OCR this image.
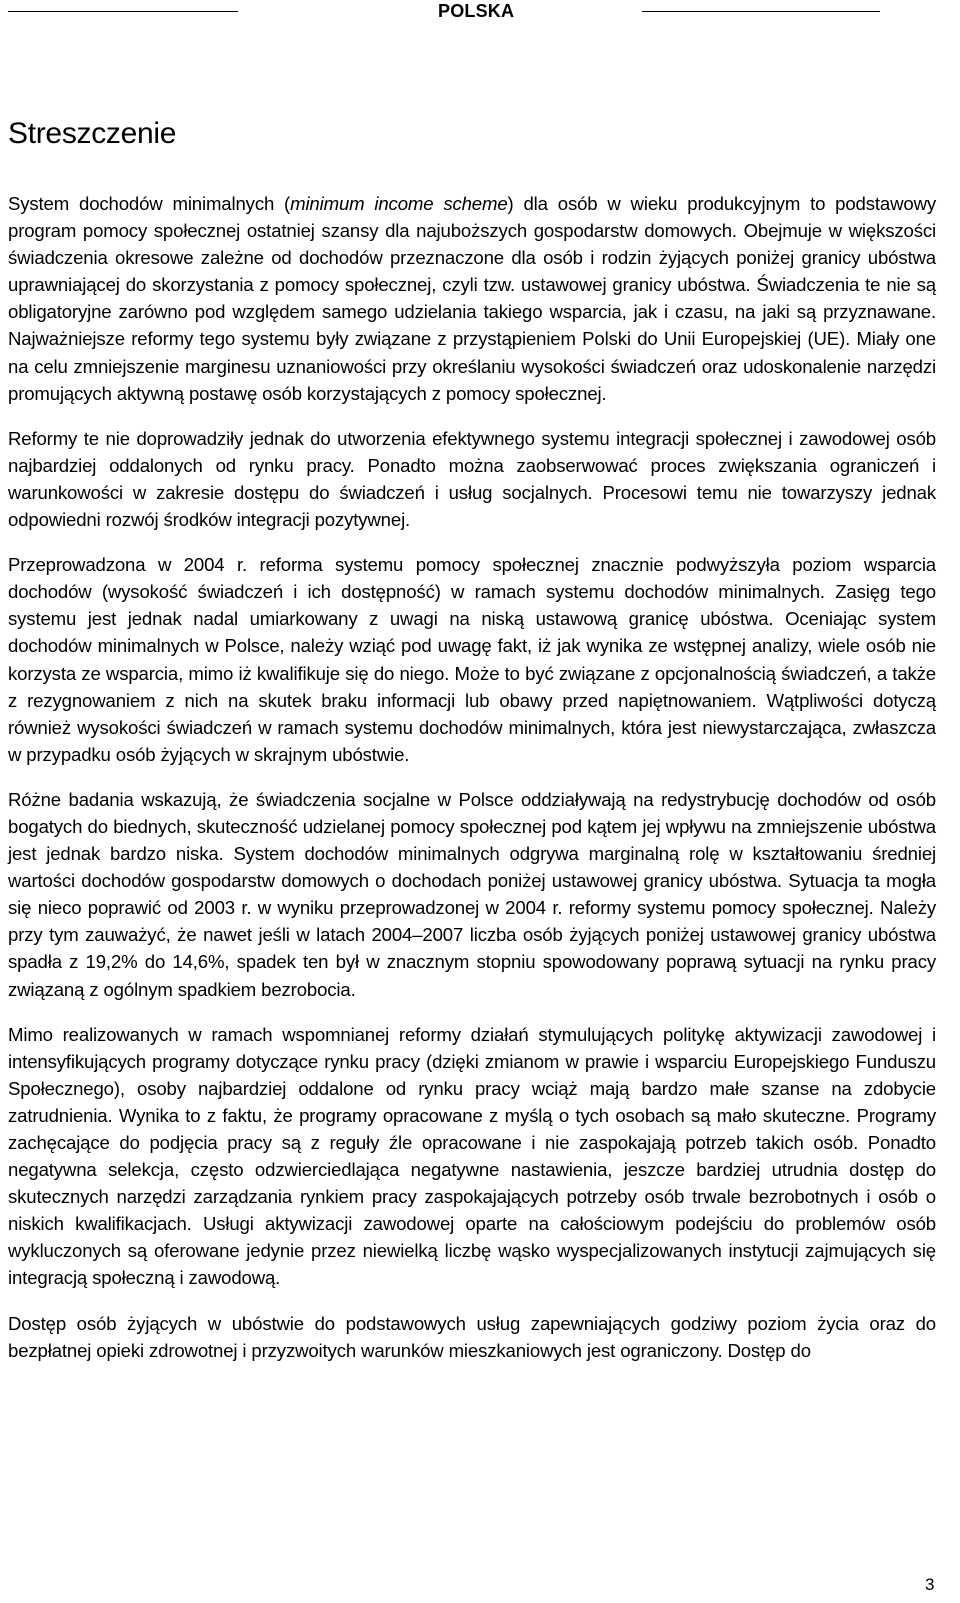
POLSKA
Streszczenie

System dochodów minimalnych (minimum income scheme) dla osób w wieku produkcyjnym to podstawowy program pomocy społecznej ostatniej szansy dla najuboższych gospodarstw domowych. Obejmuje w większości świadczenia okresowe zależne od dochodów przeznaczone dla osób i rodzin żyjących poniżej granicy ubóstwa uprawniającej do skorzystania z pomocy społecznej, czyli tzw. ustawowej granicy ubóstwa. Świadczenia te nie są obligatoryjne zarówno pod względem samego udzielania takiego wsparcia, jak i czasu, na jaki są przyznawane. Najważniejsze reformy tego systemu były związane z przystąpieniem Polski do Unii Europejskiej (UE). Miały one na celu zmniejszenie marginesu uznaniowości przy określaniu wysokości świadczeń oraz udoskonalenie narzędzi promujących aktywną postawę osób korzystających z pomocy społecznej.

Reformy te nie doprowadziły jednak do utworzenia efektywnego systemu integracji społecznej i zawodowej osób najbardziej oddalonych od rynku pracy. Ponadto można zaobserwować proces zwiększania ograniczeń i warunkowości w zakresie dostępu do świadczeń i usług socjalnych. Procesowi temu nie towarzyszy jednak odpowiedni rozwój środków integracji pozytywnej.

Przeprowadzona w 2004 r. reforma systemu pomocy społecznej znacznie podwyższyła poziom wsparcia dochodów (wysokość świadczeń i ich dostępność) w ramach systemu dochodów minimalnych. Zasięg tego systemu jest jednak nadal umiarkowany z uwagi na niską ustawową granicę ubóstwa. Oceniając system dochodów minimalnych w Polsce, należy wziąć pod uwagę fakt, iż jak wynika ze wstępnej analizy, wiele osób nie korzysta ze wsparcia, mimo iż kwalifikuje się do niego. Może to być związane z opcjonalnością świadczeń, a także z rezygnowaniem z nich na skutek braku informacji lub obawy przed napiętnowaniem. Wątpliwości dotyczą również wysokości świadczeń w ramach systemu dochodów minimalnych, która jest niewystarczająca, zwłaszcza w przypadku osób żyjących w skrajnym ubóstwie.

Różne badania wskazują, że świadczenia socjalne w Polsce oddziaływają na redystrybucję dochodów od osób bogatych do biednych, skuteczność udzielanej pomocy społecznej pod kątem jej wpływu na zmniejszenie ubóstwa jest jednak bardzo niska. System dochodów minimalnych odgrywa marginalną rolę w kształtowaniu średniej wartości dochodów gospodarstw domowych o dochodach poniżej ustawowej granicy ubóstwa. Sytuacja ta mogła się nieco poprawić od 2003 r. w wyniku przeprowadzonej w 2004 r. reformy systemu pomocy społecznej. Należy przy tym zauważyć, że nawet jeśli w latach 2004–2007 liczba osób żyjących poniżej ustawowej granicy ubóstwa spadła z 19,2% do 14,6%, spadek ten był w znacznym stopniu spowodowany poprawą sytuacji na rynku pracy związaną z ogólnym spadkiem bezrobocia.

Mimo realizowanych w ramach wspomnianej reformy działań stymulujących politykę aktywizacji zawodowej i intensyfikujących programy dotyczące rynku pracy (dzięki zmianom w prawie i wsparciu Europejskiego Funduszu Społecznego), osoby najbardziej oddalone od rynku pracy wciąż mają bardzo małe szanse na zdobycie zatrudnienia. Wynika to z faktu, że programy opracowane z myślą o tych osobach są mało skuteczne. Programy zachęcające do podjęcia pracy są z reguły źle opracowane i nie zaspokajają potrzeb takich osób. Ponadto negatywna selekcja, często odzwierciedlająca negatywne nastawienia, jeszcze bardziej utrudnia dostęp do skutecznych narzędzi zarządzania rynkiem pracy zaspokajających potrzeby osób trwale bezrobotnych i osób o niskich kwalifikacjach. Usługi aktywizacji zawodowej oparte na całościowym podejściu do problemów osób wykluczonych są oferowane jedynie przez niewielką liczbę wąsko wyspecjalizowanych instytucji zajmujących się integracją społeczną i zawodową.

Dostęp osób żyjących w ubóstwie do podstawowych usług zapewniających godziwy poziom życia oraz do bezpłatnej opieki zdrowotnej i przyzwoitych warunków mieszkaniowych jest ograniczony. Dostęp do

3
